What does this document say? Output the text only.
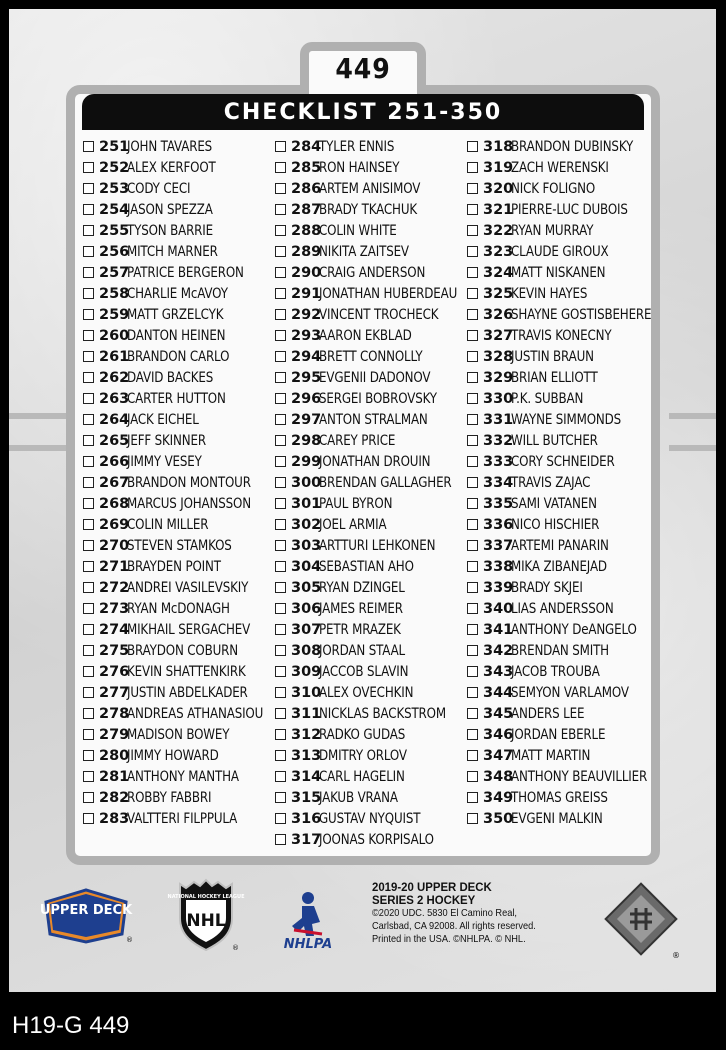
449
CHECKLIST 251-350
251
JOHN TAVARES
252
ALEX KERFOOT
253
CODY CECI
254
JASON SPEZZA
255
TYSON BARRIE
256
MITCH MARNER
257
PATRICE BERGERON
258
CHARLIE McAVOY
259
MATT GRZELCYK
260
DANTON HEINEN
261
BRANDON CARLO
262
DAVID BACKES
263
CARTER HUTTON
264
JACK EICHEL
265
JEFF SKINNER
266
JIMMY VESEY
267
BRANDON MONTOUR
268
MARCUS JOHANSSON
269
COLIN MILLER
270
STEVEN STAMKOS
271
BRAYDEN POINT
272
ANDREI VASILEVSKIY
273
RYAN McDONAGH
274
MIKHAIL SERGACHEV
275
BRAYDON COBURN
276
KEVIN SHATTENKIRK
277
JUSTIN ABDELKADER
278
ANDREAS ATHANASIOU
279
MADISON BOWEY
280
JIMMY HOWARD
281
ANTHONY MANTHA
282
ROBBY FABBRI
283
VALTTERI FILPPULA
284
TYLER ENNIS
285
RON HAINSEY
286
ARTEM ANISIMOV
287
BRADY TKACHUK
288
COLIN WHITE
289
NIKITA ZAITSEV
290
CRAIG ANDERSON
291
JONATHAN HUBERDEAU
292
VINCENT TROCHECK
293
AARON EKBLAD
294
BRETT CONNOLLY
295
EVGENII DADONOV
296
SERGEI BOBROVSKY
297
ANTON STRALMAN
298
CAREY PRICE
299
JONATHAN DROUIN
300
BRENDAN GALLAGHER
301
PAUL BYRON
302
JOEL ARMIA
303
ARTTURI LEHKONEN
304
SEBASTIAN AHO
305
RYAN DZINGEL
306
JAMES REIMER
307
PETR MRAZEK
308
JORDAN STAAL
309
JACCOB SLAVIN
310
ALEX OVECHKIN
311
NICKLAS BACKSTROM
312
RADKO GUDAS
313
DMITRY ORLOV
314
CARL HAGELIN
315
JAKUB VRANA
316
GUSTAV NYQUIST
317
JOONAS KORPISALO
318
BRANDON DUBINSKY
319
ZACH WERENSKI
320
NICK FOLIGNO
321
PIERRE-LUC DUBOIS
322
RYAN MURRAY
323
CLAUDE GIROUX
324
MATT NISKANEN
325
KEVIN HAYES
326
SHAYNE GOSTISBEHERE
327
TRAVIS KONECNY
328
JUSTIN BRAUN
329
BRIAN ELLIOTT
330
P.K. SUBBAN
331
WAYNE SIMMONDS
332
WILL BUTCHER
333
CORY SCHNEIDER
334
TRAVIS ZAJAC
335
SAMI VATANEN
336
NICO HISCHIER
337
ARTEMI PANARIN
338
MIKA ZIBANEJAD
339
BRADY SKJEI
340
LIAS ANDERSSON
341
ANTHONY DeANGELO
342
BRENDAN SMITH
343
JACOB TROUBA
344
SEMYON VARLAMOV
345
ANDERS LEE
346
JORDAN EBERLE
347
MATT MARTIN
348
ANTHONY BEAUVILLIER
349
THOMAS GREISS
350
EVGENI MALKIN
UPPER DECK
®
NATIONAL HOCKEY LEAGUE
NHL
®	NHLPA
2019-20 UPPER DECK
SERIES 2 HOCKEY
©2020 UDC. 5830 El Camino Real,
Carlsbad, CA 92008. All rights reserved.
Printed in the USA. ©NHLPA. © NHL.
®
H19-G 449
